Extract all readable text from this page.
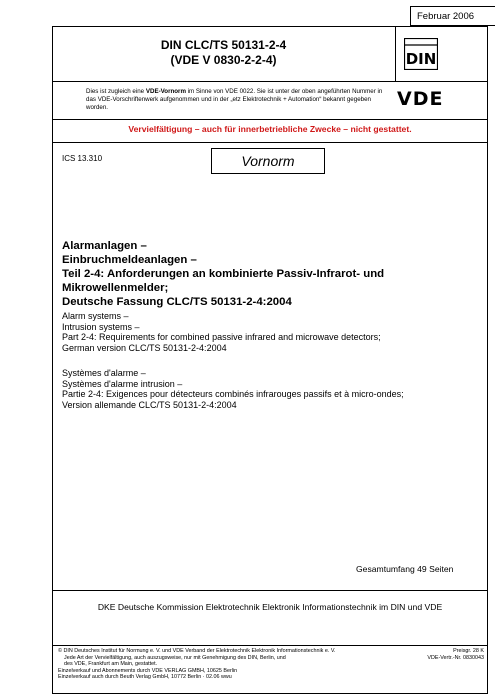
Februar 2006
DIN CLC/TS 50131-2-4
(VDE V 0830-2-2-4)	DIN
Dies ist zugleich eine VDE-Vornorm im Sinne von VDE 0022. Sie ist unter der oben angeführten Nummer in das VDE-Vorschriftenwerk aufgenommen und in der „etz Elektrotechnik + Automation“ bekannt gegeben worden.	VDE
Vervielfältigung – auch für innerbetriebliche Zwecke – nicht gestattet.
ICS 13.310	Vornorm
Alarmanlagen –
Einbruchmeldeanlagen –
Teil 2-4: Anforderungen an kombinierte Passiv-Infrarot- und
Mikrowellenmelder;
Deutsche Fassung CLC/TS 50131-2-4:2004
Alarm systems –
Intrusion systems –
Part 2-4: Requirements for combined passive infrared and microwave detectors;
German version CLC/TS 50131-2-4:2004
Systèmes d'alarme –
Systèmes d'alarme intrusion –
Partie 2-4: Exigences pour détecteurs combinés infrarouges passifs et à micro-ondes;
Version allemande CLC/TS 50131-2-4:2004
Gesamtumfang 49 Seiten
DKE Deutsche Kommission Elektrotechnik Elektronik Informationstechnik im DIN und VDE
© DIN Deutsches Institut für Normung e. V. und VDE Verband der Elektrotechnik Elektronik Informationstechnik e. V.
Jede Art der Vervielfältigung, auch auszugsweise, nur mit Genehmigung des DIN, Berlin, und
des VDE, Frankfurt am Main, gestattet.
Einzelverkauf und Abonnements durch VDE VERLAG GMBH, 10625 Berlin
Einzelverkauf auch durch Beuth Verlag GmbH, 10772 Berlin · 02.06 wwu
Preisgr. 28 K
VDE-Vertr.-Nr. 0830043
